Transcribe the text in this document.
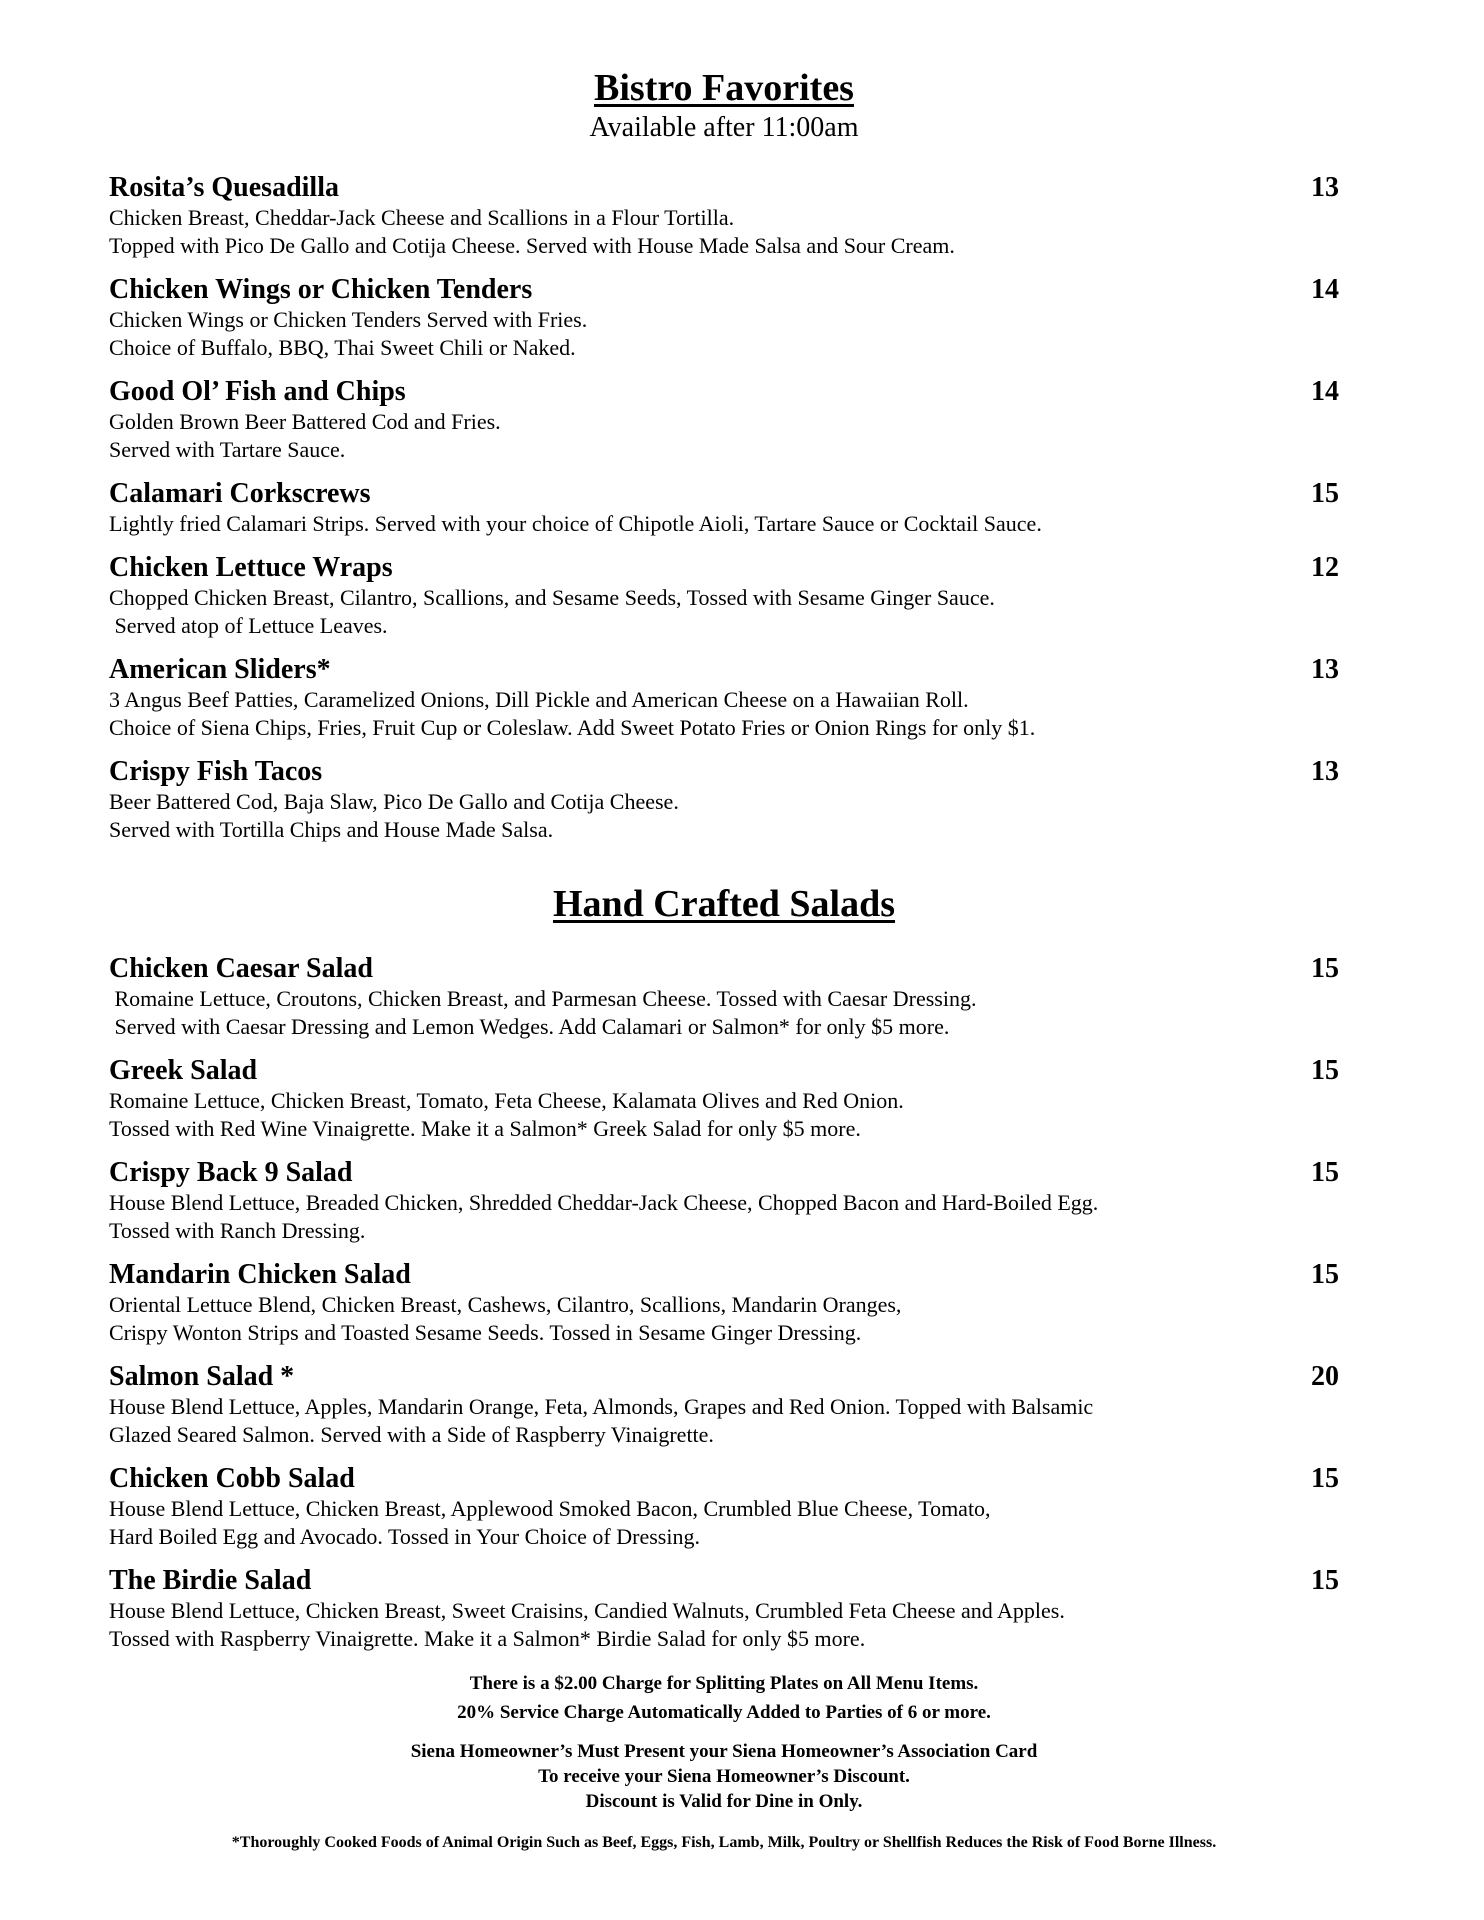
Bistro Favorites
Available after 11:00am
Rosita’s Quesadilla	13
Chicken Breast, Cheddar-Jack Cheese and Scallions in a Flour Tortilla.
Topped with Pico De Gallo and Cotija Cheese. Served with House Made Salsa and Sour Cream.
Chicken Wings or Chicken Tenders	14
Chicken Wings or Chicken Tenders Served with Fries.
Choice of Buffalo, BBQ, Thai Sweet Chili or Naked.
Good Ol’ Fish and Chips	14
Golden Brown Beer Battered Cod and Fries.
Served with Tartare Sauce.
Calamari Corkscrews	15
Lightly fried Calamari Strips. Served with your choice of Chipotle Aioli, Tartare Sauce or Cocktail Sauce.
Chicken Lettuce Wraps	12
Chopped Chicken Breast, Cilantro, Scallions, and Sesame Seeds, Tossed with Sesame Ginger Sauce.
Served atop of Lettuce Leaves.
American Sliders*	13
3 Angus Beef Patties, Caramelized Onions, Dill Pickle and American Cheese on a Hawaiian Roll.
Choice of Siena Chips, Fries, Fruit Cup or Coleslaw. Add Sweet Potato Fries or Onion Rings for only $1.
Crispy Fish Tacos	13
Beer Battered Cod, Baja Slaw, Pico De Gallo and Cotija Cheese.
Served with Tortilla Chips and House Made Salsa.
Hand Crafted Salads
Chicken Caesar Salad	15
Romaine Lettuce, Croutons, Chicken Breast, and Parmesan Cheese. Tossed with Caesar Dressing.
Served with Caesar Dressing and Lemon Wedges. Add Calamari or Salmon* for only $5 more.
Greek Salad	15
Romaine Lettuce, Chicken Breast, Tomato, Feta Cheese, Kalamata Olives and Red Onion.
Tossed with Red Wine Vinaigrette. Make it a Salmon* Greek Salad for only $5 more.
Crispy Back 9 Salad	15
House Blend Lettuce, Breaded Chicken, Shredded Cheddar-Jack Cheese, Chopped Bacon and Hard-Boiled Egg.
Tossed with Ranch Dressing.
Mandarin Chicken Salad	15
Oriental Lettuce Blend, Chicken Breast, Cashews, Cilantro, Scallions, Mandarin Oranges,
Crispy Wonton Strips and Toasted Sesame Seeds. Tossed in Sesame Ginger Dressing.
Salmon Salad *	20
House Blend Lettuce, Apples, Mandarin Orange, Feta, Almonds, Grapes and Red Onion. Topped with Balsamic
Glazed Seared Salmon. Served with a Side of Raspberry Vinaigrette.
Chicken Cobb Salad	15
House Blend Lettuce, Chicken Breast, Applewood Smoked Bacon, Crumbled Blue Cheese, Tomato,
Hard Boiled Egg and Avocado. Tossed in Your Choice of Dressing.
The Birdie Salad	15
House Blend Lettuce, Chicken Breast, Sweet Craisins, Candied Walnuts, Crumbled Feta Cheese and Apples.
Tossed with Raspberry Vinaigrette. Make it a Salmon* Birdie Salad for only $5 more.
There is a $2.00 Charge for Splitting Plates on All Menu Items.
20% Service Charge Automatically Added to Parties of 6 or more.
Siena Homeowner’s Must Present your Siena Homeowner’s Association Card
To receive your Siena Homeowner’s Discount.
Discount is Valid for Dine in Only.
*Thoroughly Cooked Foods of Animal Origin Such as Beef, Eggs, Fish, Lamb, Milk, Poultry or Shellfish Reduces the Risk of Food Borne Illness.
